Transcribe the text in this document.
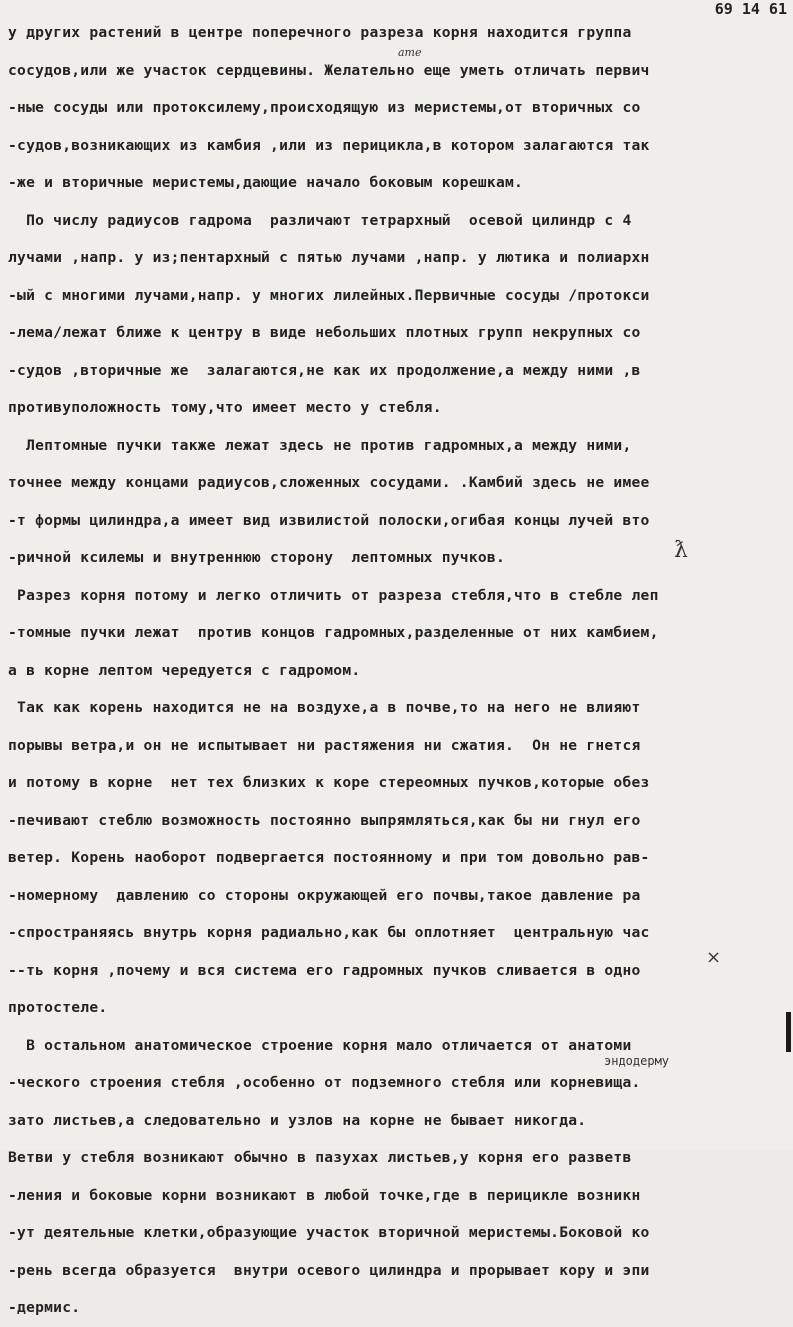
69 14 61
у других растений в центре поперечного разреза корня находится группа
сосудов,или же участок сердцевины. Желательно еще уметь отличать первич
-ные сосуды или протоксилему,происходящую из меристемы,от вторичных со
-судов,возникающих из камбия ,или из перицикла,в котором залагаются так
-же и вторичные меристемы,дающие начало боковым корешкам.
По числу радиусов гадрома  различают тетрархный  осевой цилиндр с 4
лучами ,напр. у из;пентархный с пятью лучами ,напр. у лютика и полиархн
-ый с многими лучами,напр. у многих лилейных.Первичные сосуды /протокси
-лема/лежат ближе к центру в виде небольших плотных групп некрупных со
-судов ,вторичные же  залагаются,не как их продолжение,а между ними ,в
противуположность тому,что имеет место у стебля.
Лептомные пучки также лежат здесь не против гадромных,а между ними,
точнее между концами радиусов,сложенных сосудами. .Камбий здесь не имее
-т формы цилиндра,а имеет вид извилистой полоски,огибая концы лучей вто
-ричной ксилемы и внутреннюю сторону  лептомных пучков.
Разрез корня потому и легко отличить от разреза стебля,что в стебле леп
-томные пучки лежат  против концов гадромных,разделенные от них камбием,
а в корне лептом чередуется с гадромом.
Так как корень находится не на воздухе,а в почве,то на него не влияют
порывы ветра,и он не испытывает ни растяжения ни сжатия.  Он не гнется
и потому в корне  нет тех близких к коре стереомных пучков,которые обез
-печивают стеблю возможность постоянно выпрямляться,как бы ни гнул его
ветер. Корень наоборот подвергается постоянному и при том довольно рав-
-номерному  давлению со стороны окружающей его почвы,такое давление ра
-спространяясь внутрь корня радиально,как бы оплотняет  центральную час
--ть корня ,почему и вся система его гадромных пучков сливается в одно
протостеле.
В остальном анатомическое строение корня мало отличается от анатоми
-ческого строения стебля ,особенно от подземного стебля или корневища.
зато листьев,а следовательно и узлов на корне не бывает никогда.
Ветви у стебля возникают обычно в пазухах листьев,у корня его разветв
-ления и боковые корни возникают в любой точке,где в перицикле возникн
-ут деятельные клетки,образующие участок вторичной меристемы.Боковой ко
-рень всегда образуется  внутри осевого цилиндра и прорывает кору и эпи
-дермис.
ате
эндодерму
×
ƛ
